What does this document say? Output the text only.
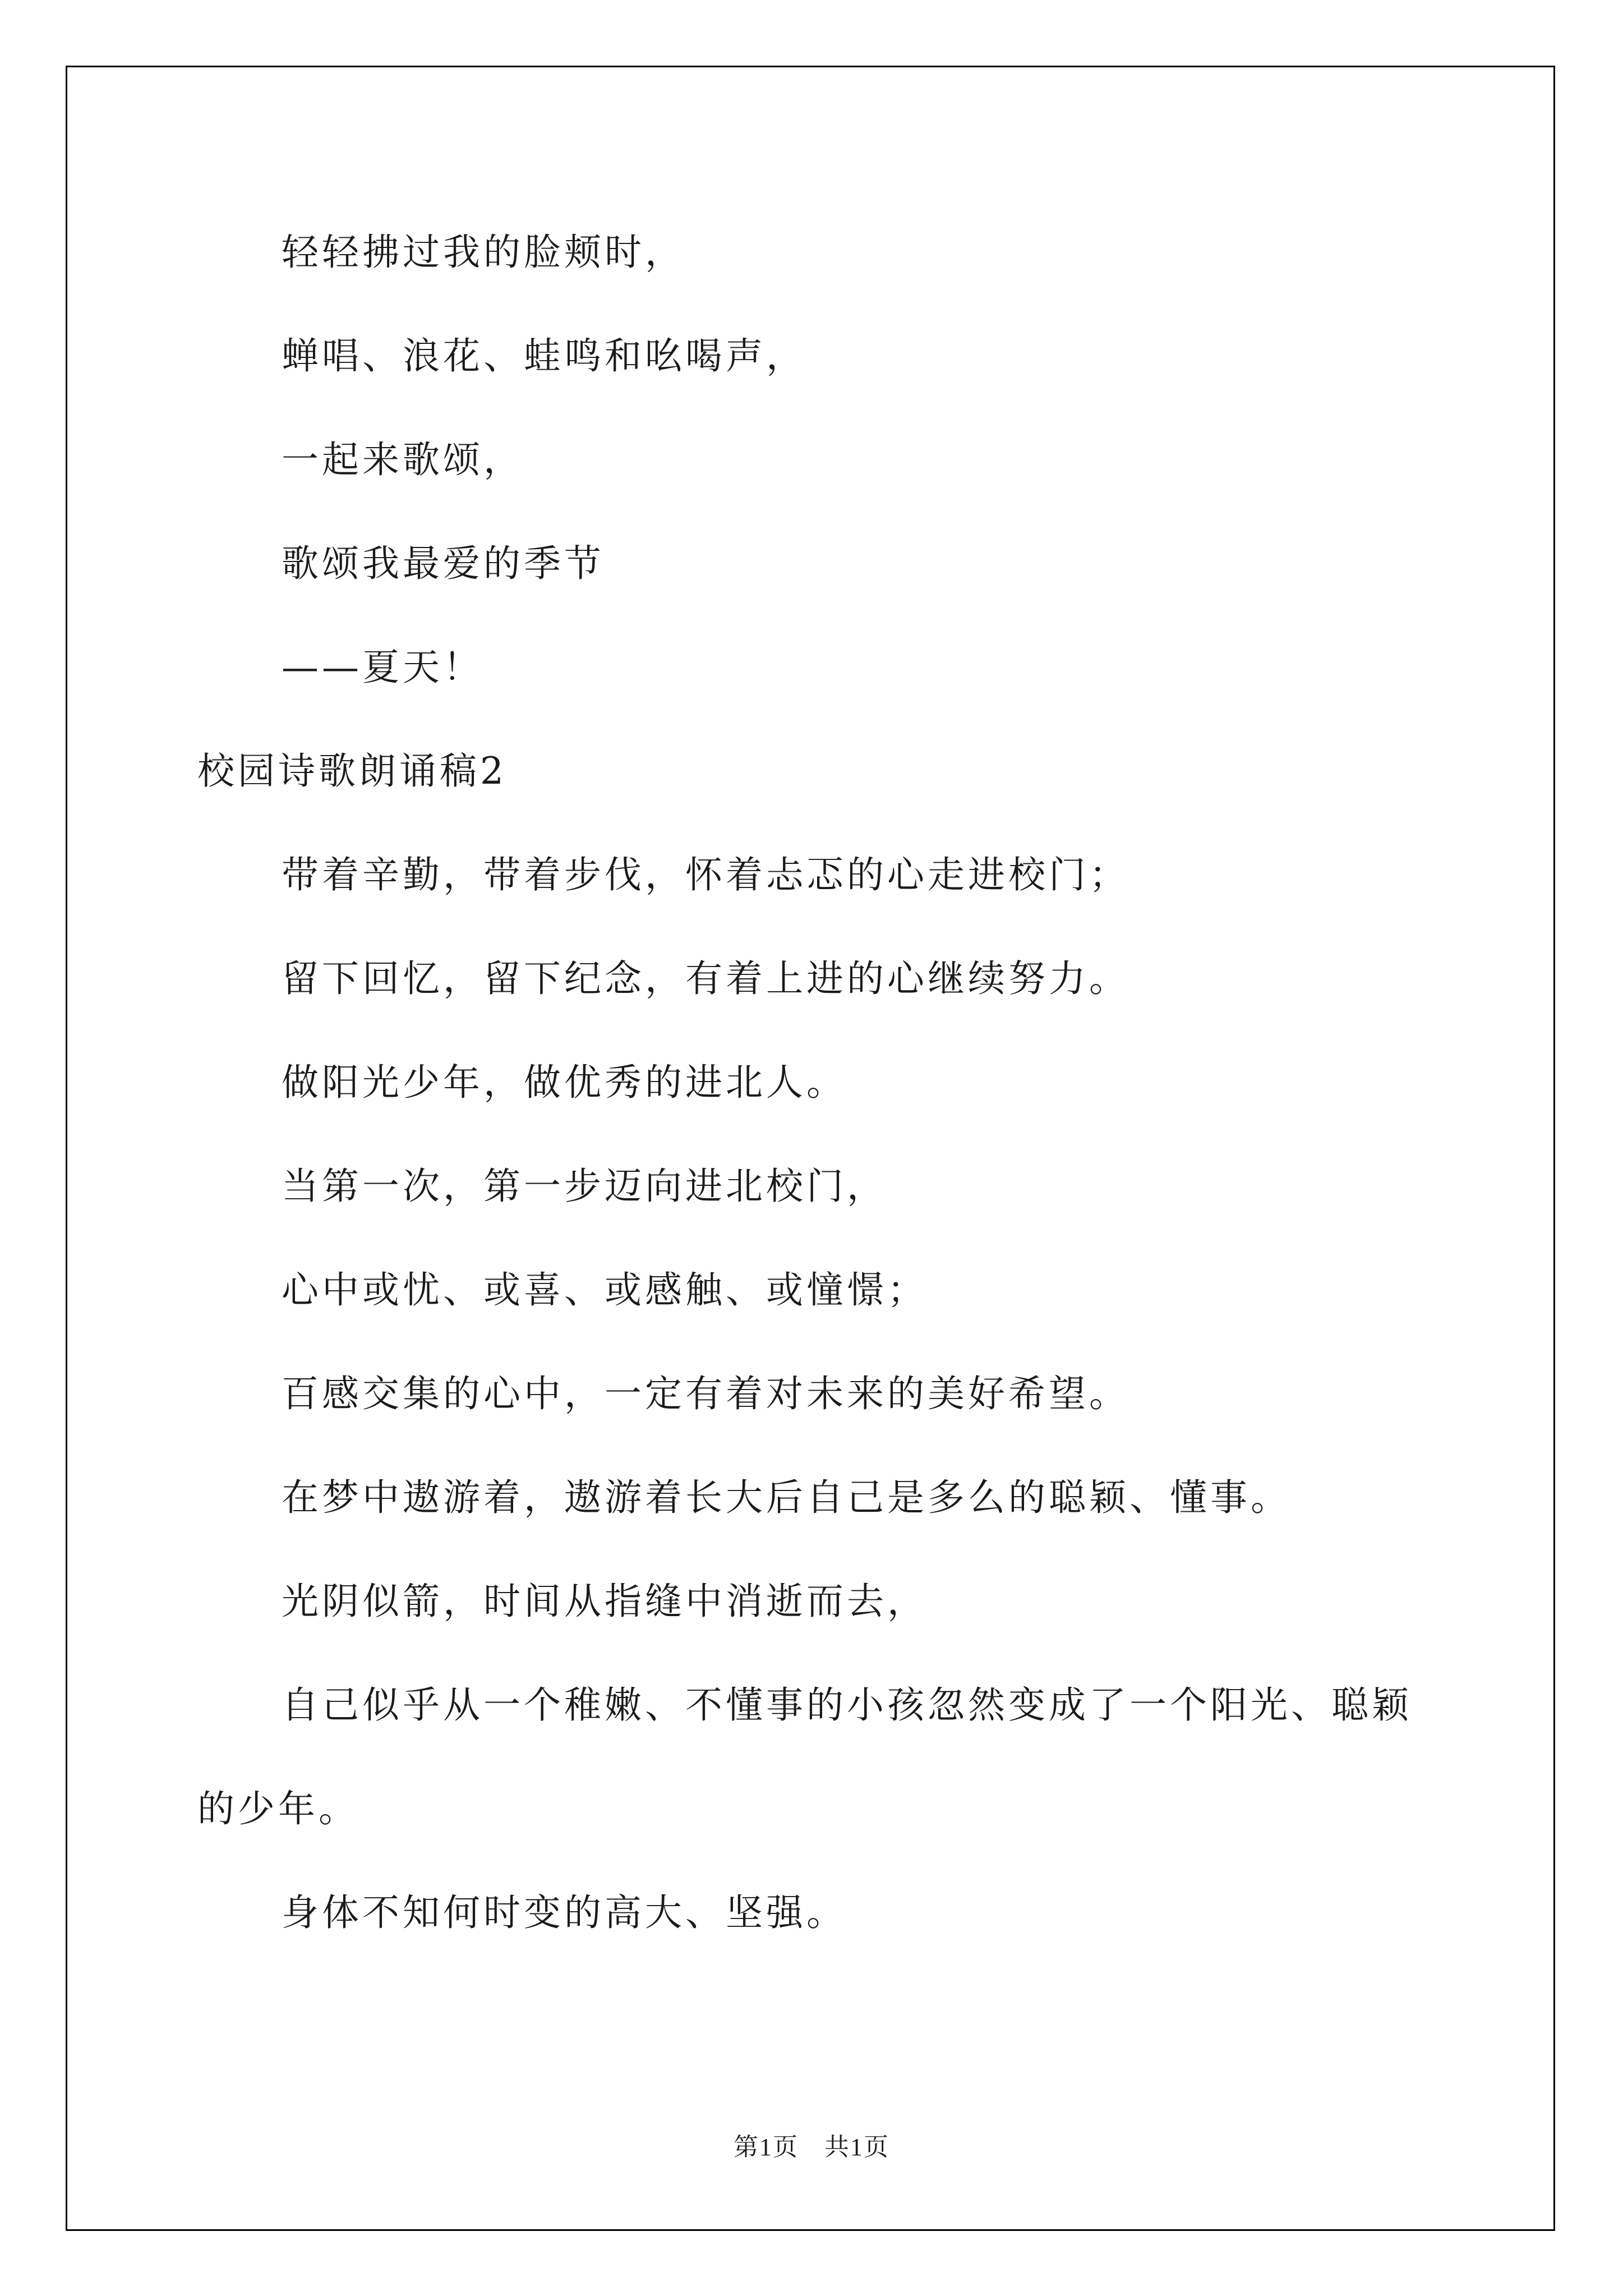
轻轻拂过我的脸颊时，
蝉唱、浪花、蛙鸣和吆喝声，
一起来歌颂，
歌颂我最爱的季节
——夏天！
校园诗歌朗诵稿2
带着辛勤，带着步伐，怀着忐忑的心走进校门；
留下回忆，留下纪念，有着上进的心继续努力。
做阳光少年，做优秀的进北人。
当第一次，第一步迈向进北校门，
心中或忧、或喜、或感触、或憧憬；
百感交集的心中，一定有着对未来的美好希望。
在梦中遨游着，遨游着长大后自己是多么的聪颖、懂事。
光阴似箭，时间从指缝中消逝而去，
自己似乎从一个稚嫩、不懂事的小孩忽然变成了一个阳光、聪颖
的少年。
身体不知何时变的高大、坚强。
第1页　共1页
